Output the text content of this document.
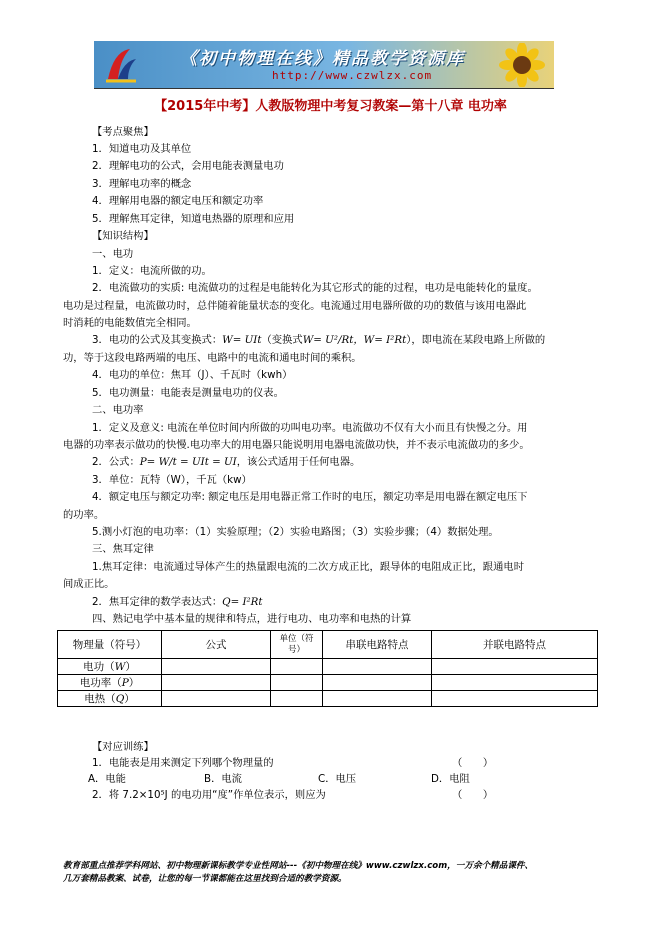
《初中物理在线》精品教学资源库
http://www.czwlzx.com
【2015年中考】人教版物理中考复习教案—第十八章 电功率
【考点聚焦】
1．知道电功及其单位
2．理解电功的公式，会用电能表测量电功
3．理解电功率的概念
4．理解用电器的额定电压和额定功率
5．理解焦耳定律，知道电热器的原理和应用
【知识结构】
一、电功
1．定义：电流所做的功。
2．电流做功的实质: 电流做功的过程是电能转化为其它形式的能的过程，电功是电能转化的量度。
电功是过程量，电流做功时，总伴随着能量状态的变化。电流通过用电器所做的功的数值与该用电器此
时消耗的电能数值完全相同。
3．电功的公式及其变换式：W= UIt（变换式W= U²/Rt，W= I²Rt），即电流在某段电路上所做的
功，等于这段电路两端的电压、电路中的电流和通电时间的乘积。
4．电功的单位：焦耳（J）、千瓦时（kwh）
5．电功测量：电能表是测量电功的仪表。
二、电功率
1．定义及意义: 电流在单位时间内所做的功叫电功率。电流做功不仅有大小而且有快慢之分。用
电器的功率表示做功的快慢.电功率大的用电器只能说明用电器电流做功快，并不表示电流做功的多少。
2．公式：P= W/t = UIt = UI，该公式适用于任何电器。
3．单位：瓦特（W），千瓦（kw）
4．额定电压与额定功率: 额定电压是用电器正常工作时的电压，额定功率是用电器在额定电压下
的功率。
5.测小灯泡的电功率：（1）实验原理；（2）实验电路图；（3）实验步骤；（4）数据处理。
三、焦耳定律
1.焦耳定律：电流通过导体产生的热量跟电流的二次方成正比，跟导体的电阻成正比，跟通电时
间成正比。
2．焦耳定律的数学表达式：Q= I²Rt
四、熟记电学中基本量的规律和特点，进行电功、电功率和电热的计算
物理量（符号）	公式	单位（符号）	串联电路特点	并联电路特点
电功（W）				
电功率（P）				
电热（Q）				
【对应训练】
1．电能表是用来测定下列哪个物理量的	（　　）
A．电能	B．电流	C．电压	D．电阻
2．将 7.2×10⁵J 的电功用“度”作单位表示，则应为	（　　）
教育部重点推荐学科网站、初中物理新课标教学专业性网站---《初中物理在线》www.czwlzx.com，一万余个精品课件、
几万套精品教案、试卷，让您的每一节课都能在这里找到合适的教学资源。
